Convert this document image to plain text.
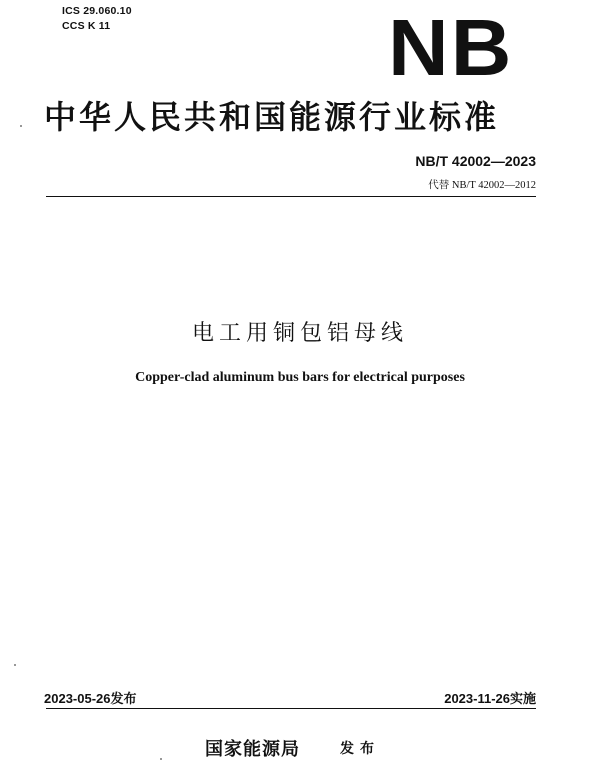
ICS 29.060.10
CCS K 11	NB
中华人民共和国能源行业标准
NB/T 42002—2023
代替 NB/T 42002—2012
电工用铜包铝母线
Copper-clad aluminum bus bars for electrical purposes
2023-05-26发布	2023-11-26实施
国家能源局	发布
